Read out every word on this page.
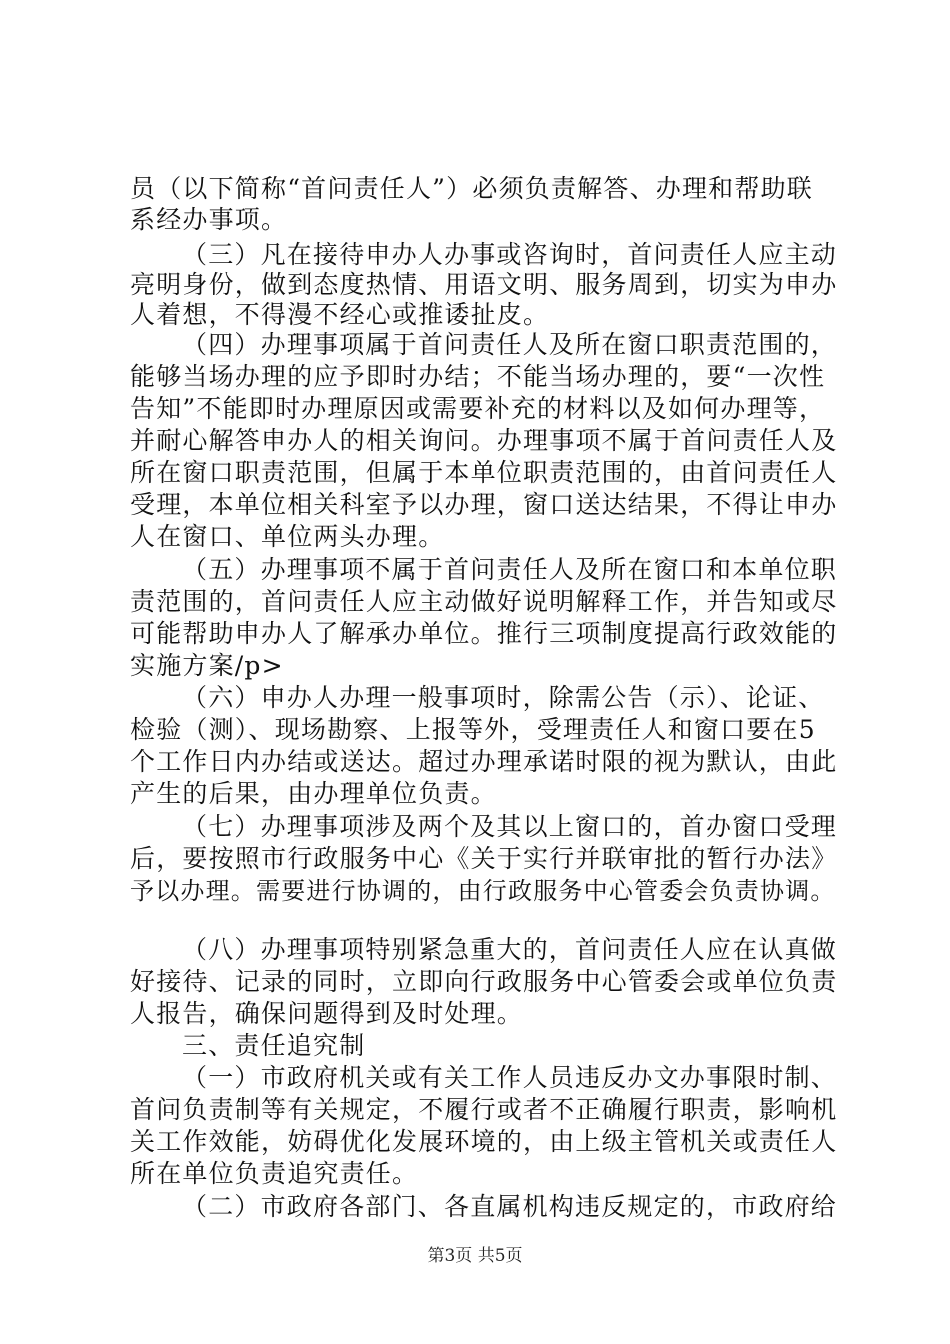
员（以下简称“首问责任人”）必须负责解答、办理和帮助联
系经办事项。
（三）凡在接待申办人办事或咨询时，首问责任人应主动
亮明身份，做到态度热情、用语文明、服务周到，切实为申办
人着想，不得漫不经心或推诿扯皮。
（四）办理事项属于首问责任人及所在窗口职责范围的，
能够当场办理的应予即时办结；不能当场办理的，要“一次性
告知”不能即时办理原因或需要补充的材料以及如何办理等，
并耐心解答申办人的相关询问。办理事项不属于首问责任人及
所在窗口职责范围，但属于本单位职责范围的，由首问责任人
受理，本单位相关科室予以办理，窗口送达结果，不得让申办
人在窗口、单位两头办理。
（五）办理事项不属于首问责任人及所在窗口和本单位职
责范围的，首问责任人应主动做好说明解释工作，并告知或尽
可能帮助申办人了解承办单位。推行三项制度提高行政效能的
实施方案/p>
（六）申办人办理一般事项时，除需公告（示）、论证、
检验（测）、现场勘察、上报等外，受理责任人和窗口要在5
个工作日内办结或送达。超过办理承诺时限的视为默认，由此
产生的后果，由办理单位负责。
（七）办理事项涉及两个及其以上窗口的，首办窗口受理
后，要按照市行政服务中心《关于实行并联审批的暂行办法》
予以办理。需要进行协调的，由行政服务中心管委会负责协调。
（八）办理事项特别紧急重大的，首问责任人应在认真做
好接待、记录的同时，立即向行政服务中心管委会或单位负责
人报告，确保问题得到及时处理。
三、责任追究制
（一）市政府机关或有关工作人员违反办文办事限时制、
首问负责制等有关规定，不履行或者不正确履行职责，影响机
关工作效能，妨碍优化发展环境的，由上级主管机关或责任人
所在单位负责追究责任。
（二）市政府各部门、各直属机构违反规定的，市政府给
第3页 共5页
